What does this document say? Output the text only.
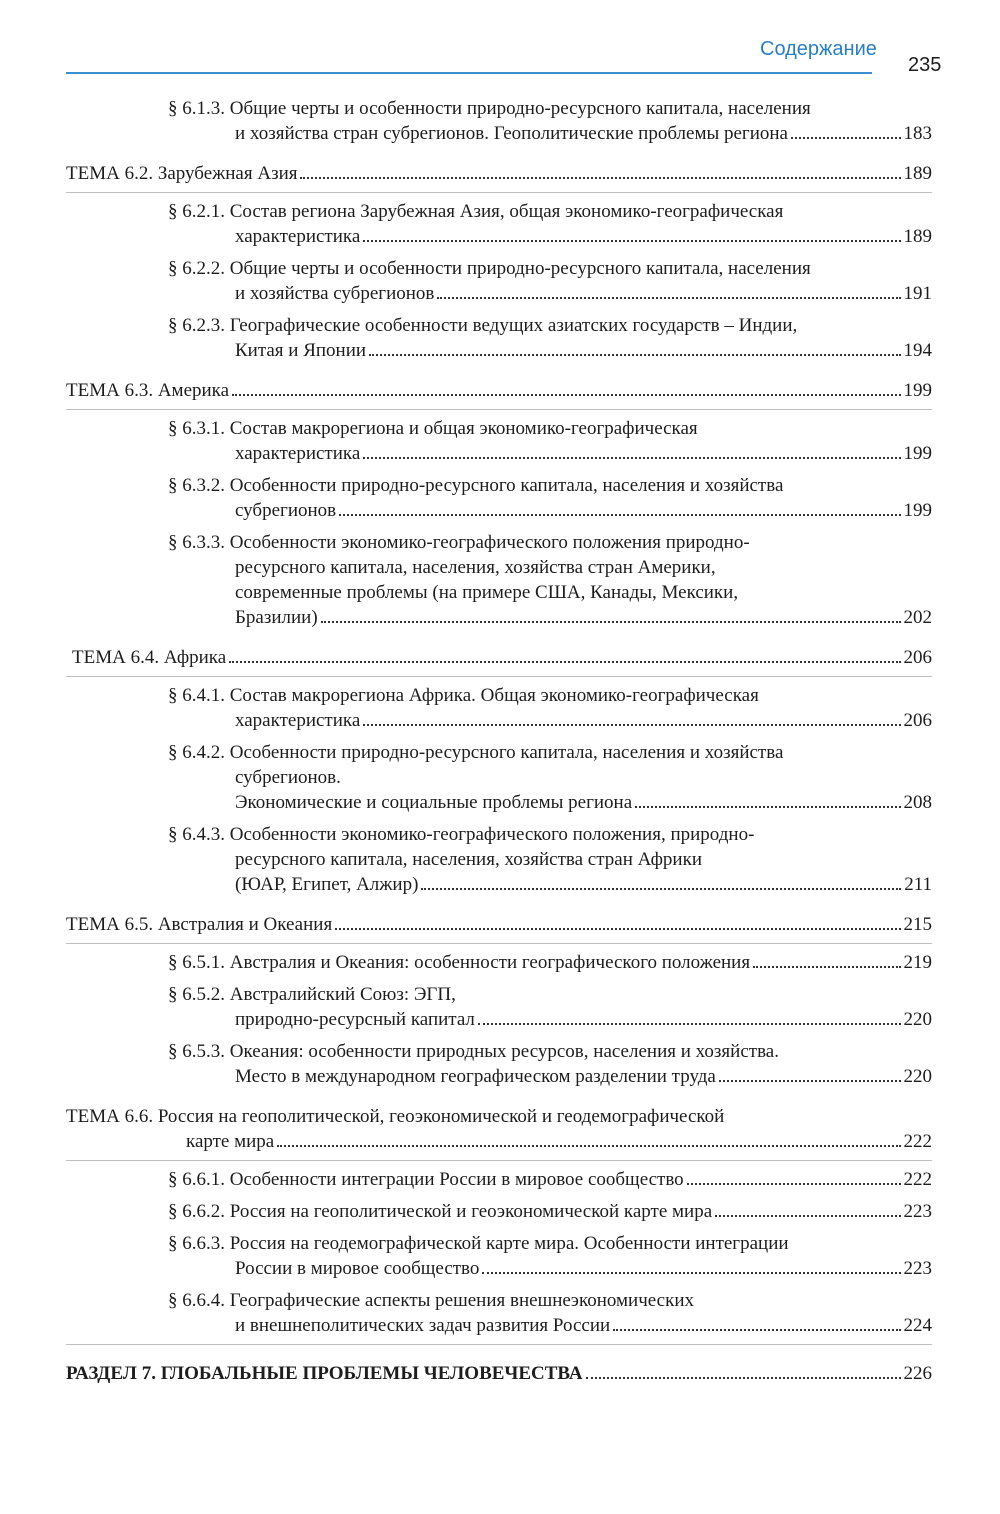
Содержание
235
§ 6.1.3. Общие черты и особенности природно-ресурсного капитала, населения
и хозяйства стран субрегионов. Геополитические проблемы региона	183
ТЕМА 6.2. Зарубежная Азия	189
§ 6.2.1. Состав региона Зарубежная Азия, общая экономико-географическая
характеристика	189
§ 6.2.2. Общие черты и особенности природно-ресурсного капитала, населения
и хозяйства субрегионов	191
§ 6.2.3. Географические особенности ведущих азиатских государств – Индии,
Китая и Японии	194
ТЕМА 6.3. Америка	199
§ 6.3.1. Состав макрорегиона и общая экономико-географическая
характеристика	199
§ 6.3.2. Особенности природно-ресурсного капитала, населения и хозяйства
субрегионов	199
§ 6.3.3. Особенности экономико-географического положения природно-
ресурсного капитала, населения, хозяйства стран Америки,
современные проблемы (на примере США, Канады, Мексики,
Бразилии)	202
ТЕМА 6.4. Африка	206
§ 6.4.1. Состав макрорегиона Африка. Общая экономико-географическая
характеристика	206
§ 6.4.2. Особенности природно-ресурсного капитала, населения и хозяйства
субрегионов.
Экономические и социальные проблемы региона	208
§ 6.4.3. Особенности экономико-географического положения, природно-
ресурсного капитала, населения, хозяйства стран Африки
(ЮАР, Египет, Алжир)	211
ТЕМА 6.5. Австралия и Океания	215
§ 6.5.1. Австралия и Океания: особенности географического положения	219
§ 6.5.2. Австралийский Союз: ЭГП,
природно-ресурсный капитал	220
§ 6.5.3. Океания: особенности природных ресурсов, населения и хозяйства.
Место в международном географическом разделении труда	220
ТЕМА 6.6. Россия на геополитической, геоэкономической и геодемографической
карте мира	222
§ 6.6.1. Особенности интеграции России в мировое сообщество	222
§ 6.6.2. Россия на геополитической и геоэкономической карте мира	223
§ 6.6.3. Россия на геодемографической карте мира. Особенности интеграции
России в мировое сообщество	223
§ 6.6.4. Географические аспекты решения внешнеэкономических
и внешнеполитических задач развития России	224
РАЗДЕЛ 7. ГЛОБАЛЬНЫЕ ПРОБЛЕМЫ ЧЕЛОВЕЧЕСТВА	226
